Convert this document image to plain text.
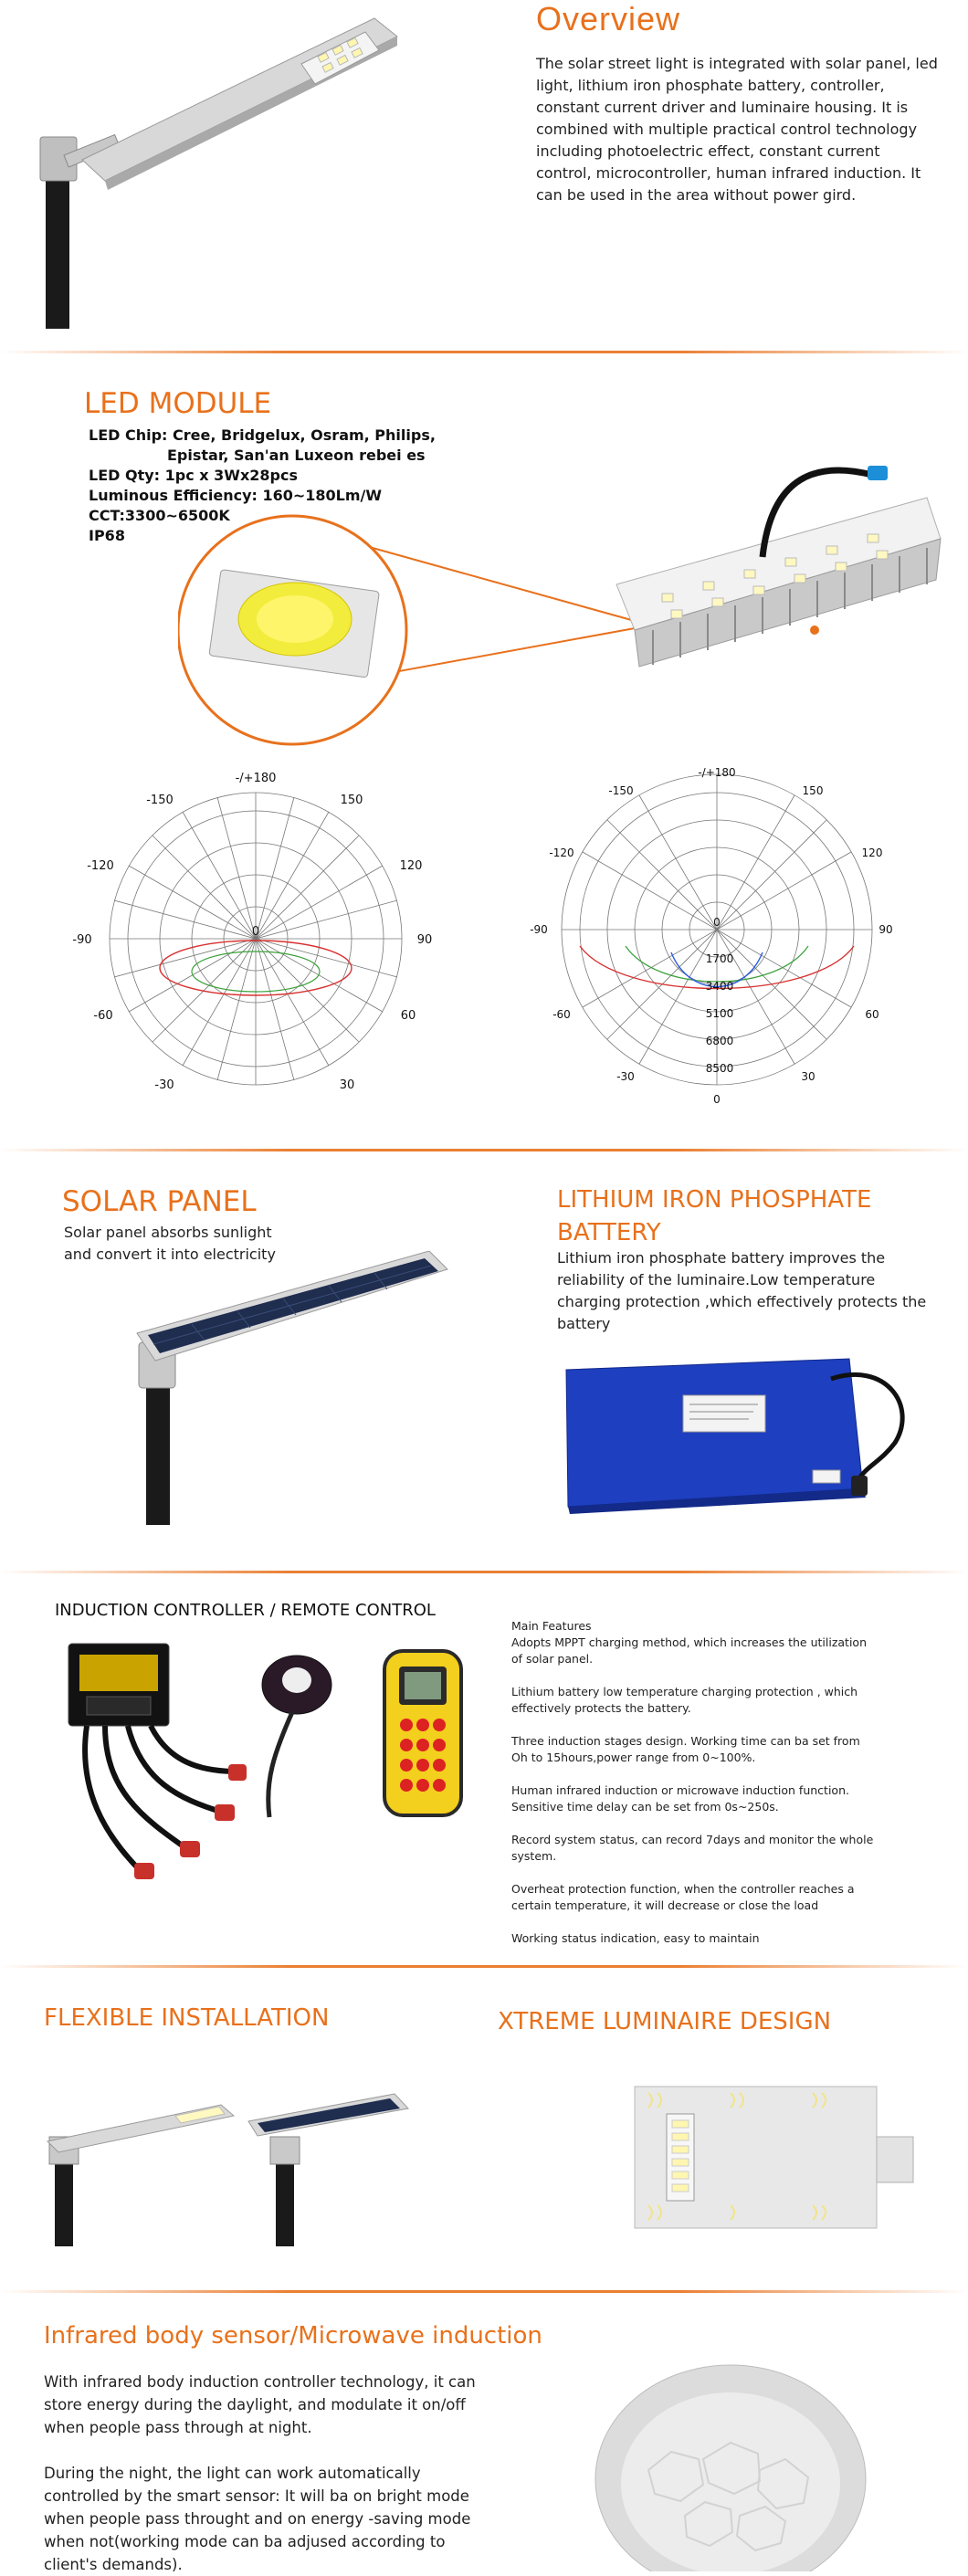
Overview
The solar street light is integrated with solar panel, led light, lithium iron phosphate battery, controller, constant current driver and luminaire housing. It is combined with multiple practical control technology including photoelectric effect, constant current control, microcontroller, human infrared induction. It can be used in the area without power gird.
LED MODULE
LED Chip: Cree, Bridgelux, Osram, Philips,
Epistar, San'an Luxeon rebei es
LED Qty: 1pc x 3Wx28pcs
Luminous Efficiency: 160~180Lm/W
CCT:3300~6500K
IP68
-/+180
-150	150
-120	120
-90	90
-60	60
-30	30
0
-/+180
-150	150
-120	120
-90	90
-60	60
-30	30
0
0
1700
3400
5100
6800
8500
SOLAR PANEL
Solar panel absorbs sunlight
and convert it into electricity
LITHIUM IRON PHOSPHATE
BATTERY
Lithium iron phosphate battery improves the reliability of the luminaire.Low temperature charging protection ,which effectively protects the battery
INDUCTION CONTROLLER / REMOTE CONTROL
Main Features
Adopts MPPT charging method, which increases the utilization of solar panel.
Lithium battery low temperature charging protection , which effectively protects the battery.
Three induction stages design. Working time can ba set from Oh to 15hours,power range from 0~100%.
Human infrared induction or microwave induction function. Sensitive time delay can be set from 0s~250s.
Record system status, can record 7days and monitor the whole system.
Overheat protection function, when the controller reaches a certain temperature, it will decrease or close the load
Working status indication, easy to maintain
FLEXIBLE INSTALLATION	XTREME LUMINAIRE DESIGN
Infrared body sensor/Microwave induction
With infrared body induction controller technology, it can store energy during the daylight, and modulate it on/off when people pass through at night.
During the night, the light can work automatically controlled by the smart sensor: It will ba on bright mode when people pass throught and on energy -saving mode when not(working mode can ba adjused according to client's demands).
